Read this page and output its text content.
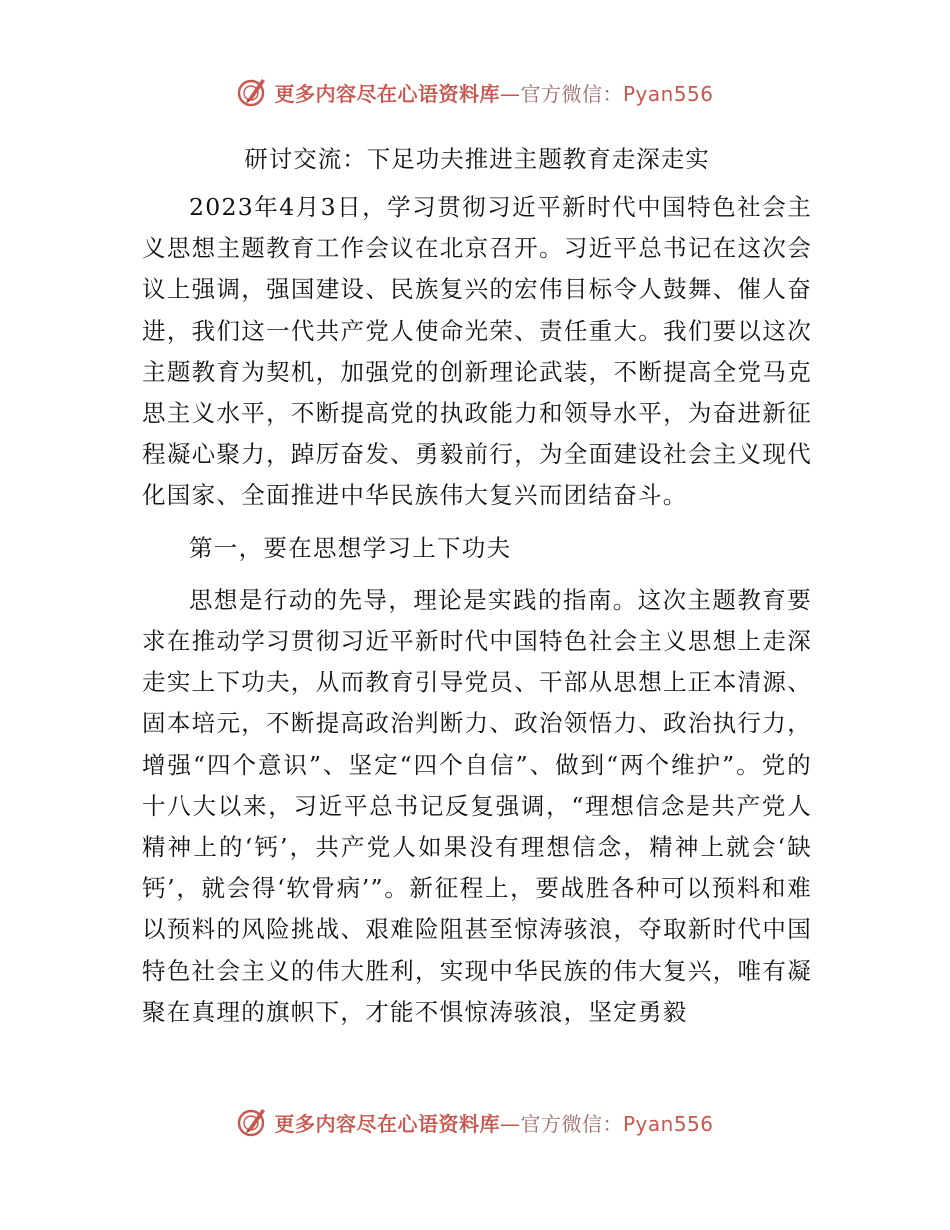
更多内容尽在心语资料库—官方微信：Pyan556
研讨交流：下足功夫推进主题教育走深走实

2023年4月3日，学习贯彻习近平新时代中国特色社会主义思想主题教育工作会议在北京召开。习近平总书记在这次会议上强调，强国建设、民族复兴的宏伟目标令人鼓舞、催人奋进，我们这一代共产党人使命光荣、责任重大。我们要以这次主题教育为契机，加强党的创新理论武装，不断提高全党马克思主义水平，不断提高党的执政能力和领导水平，为奋进新征程凝心聚力，踔厉奋发、勇毅前行，为全面建设社会主义现代化国家、全面推进中华民族伟大复兴而团结奋斗。

第一，要在思想学习上下功夫

思想是行动的先导，理论是实践的指南。这次主题教育要求在推动学习贯彻习近平新时代中国特色社会主义思想上走深走实上下功夫，从而教育引导党员、干部从思想上正本清源、固本培元，不断提高政治判断力、政治领悟力、政治执行力，增强“四个意识”、坚定“四个自信”、做到“两个维护”。党的十八大以来，习近平总书记反复强调，“理想信念是共产党人精神上的‘钙’，共产党人如果没有理想信念，精神上就会‘缺钙’，就会得‘软骨病’”。新征程上，要战胜各种可以预料和难以预料的风险挑战、艰难险阻甚至惊涛骇浪，夺取新时代中国特色社会主义的伟大胜利，实现中华民族的伟大复兴，唯有凝聚在真理的旗帜下，才能不惧惊涛骇浪，坚定勇毅

更多内容尽在心语资料库—官方微信：Pyan556
